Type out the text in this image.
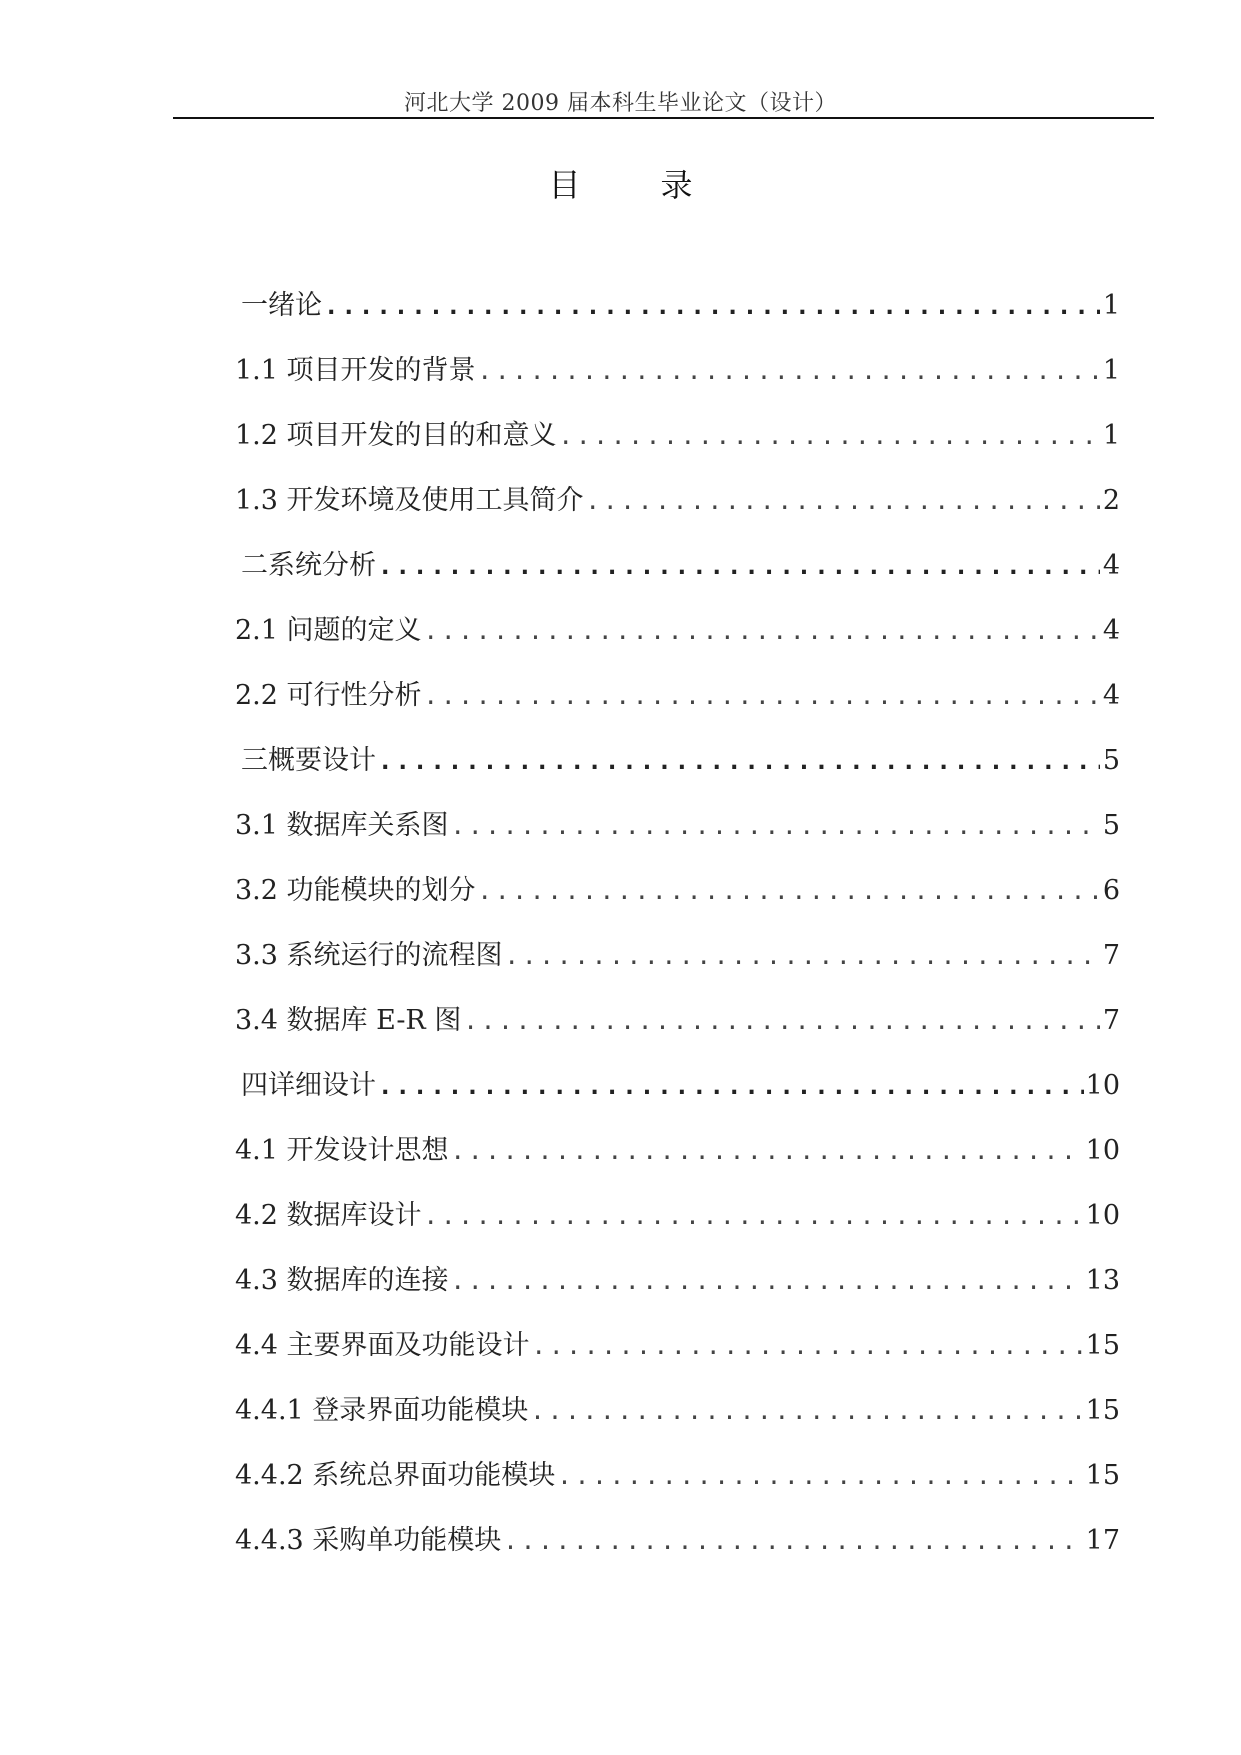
河北大学 2009 届本科生毕业论文（设计）
目	录
一绪论 .....	1
1.1 项目开发的背景 .....	1
1.2 项目开发的目的和意义 .....	1
1.3 开发环境及使用工具简介 .....	2
二系统分析 .....	4
2.1 问题的定义 .....	4
2.2 可行性分析 .....	4
三概要设计 .....	5
3.1 数据库关系图 .....	5
3.2 功能模块的划分 .....	6
3.3 系统运行的流程图 .....	7
3.4 数据库 E-R 图 .....	7
四详细设计 .....	10
4.1 开发设计思想 .....	10
4.2 数据库设计 .....	10
4.3 数据库的连接 .....	13
4.4 主要界面及功能设计 .....	15
4.4.1 登录界面功能模块 .....	15
4.4.2 系统总界面功能模块 .....	15
4.4.3 采购单功能模块 .....	17
